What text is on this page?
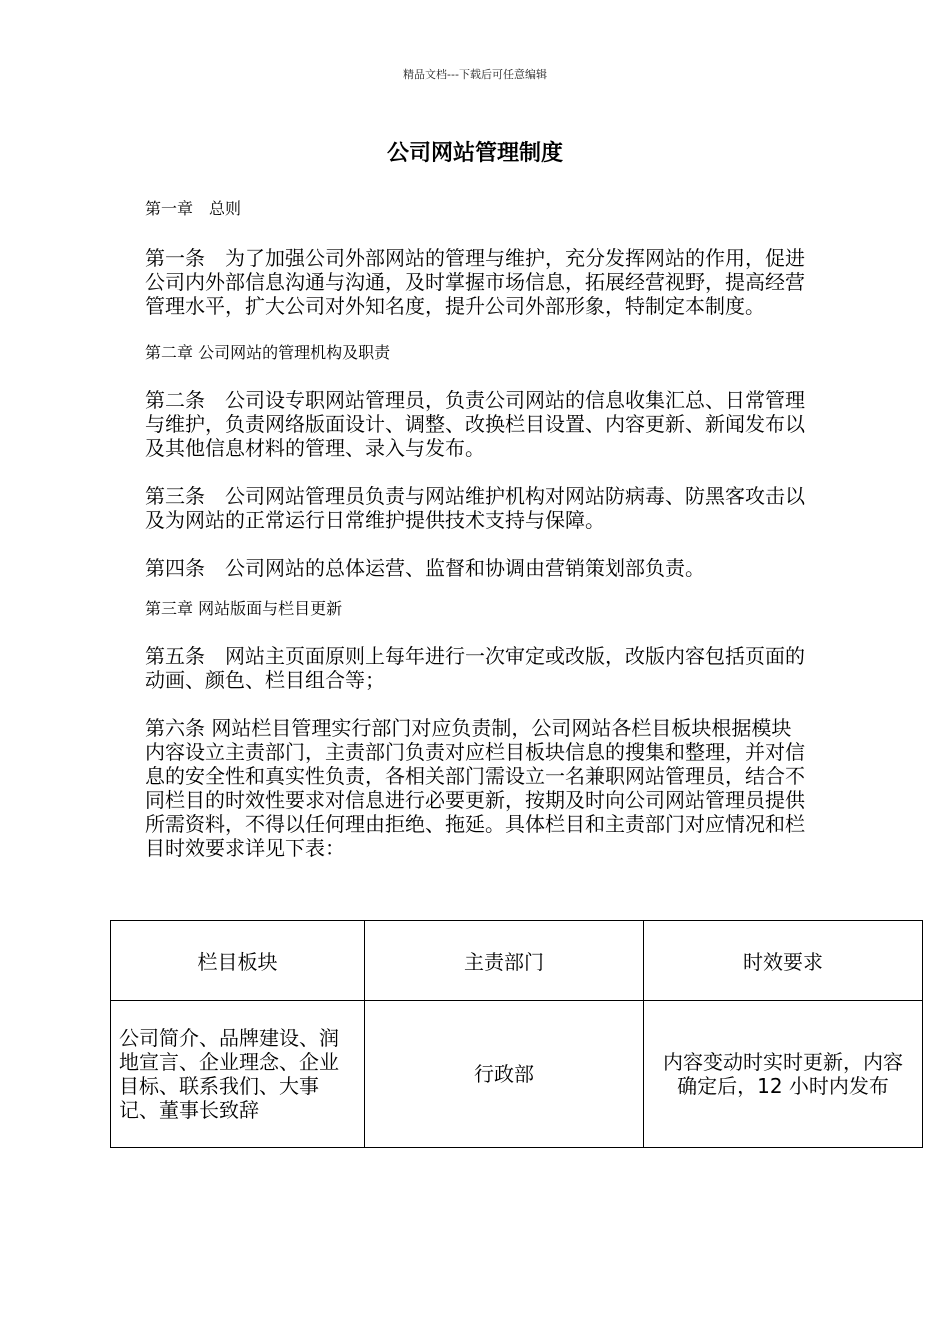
精品文档---下载后可任意编辑
公司网站管理制度

第一章　总则

第一条　为了加强公司外部网站的管理与维护，充分发挥网站的作用，促进公司内外部信息沟通与沟通，及时掌握市场信息，拓展经营视野，提高经营管理水平，扩大公司对外知名度，提升公司外部形象，特制定本制度。

第二章 公司网站的管理机构及职责

第二条　公司设专职网站管理员，负责公司网站的信息收集汇总、日常管理与维护，负责网络版面设计、调整、改换栏目设置、内容更新、新闻发布以及其他信息材料的管理、录入与发布。

第三条　公司网站管理员负责与网站维护机构对网站防病毒、防黑客攻击以及为网站的正常运行日常维护提供技术支持与保障。

第四条　公司网站的总体运营、监督和协调由营销策划部负责。

第三章 网站版面与栏目更新

第五条　网站主页面原则上每年进行一次审定或改版，改版内容包括页面的动画、颜色、栏目组合等；

第六条 网站栏目管理实行部门对应负责制，公司网站各栏目板块根据模块内容设立主责部门，主责部门负责对应栏目板块信息的搜集和整理，并对信息的安全性和真实性负责，各相关部门需设立一名兼职网站管理员，结合不同栏目的时效性要求对信息进行必要更新，按期及时向公司网站管理员提供所需资料，不得以任何理由拒绝、拖延。具体栏目和主责部门对应情况和栏目时效要求详见下表：

栏目板块	主责部门	时效要求
公司简介、品牌建设、润地宣言、企业理念、企业目标、联系我们、大事记、董事长致辞	行政部	内容变动时实时更新，内容确定后，12 小时内发布
